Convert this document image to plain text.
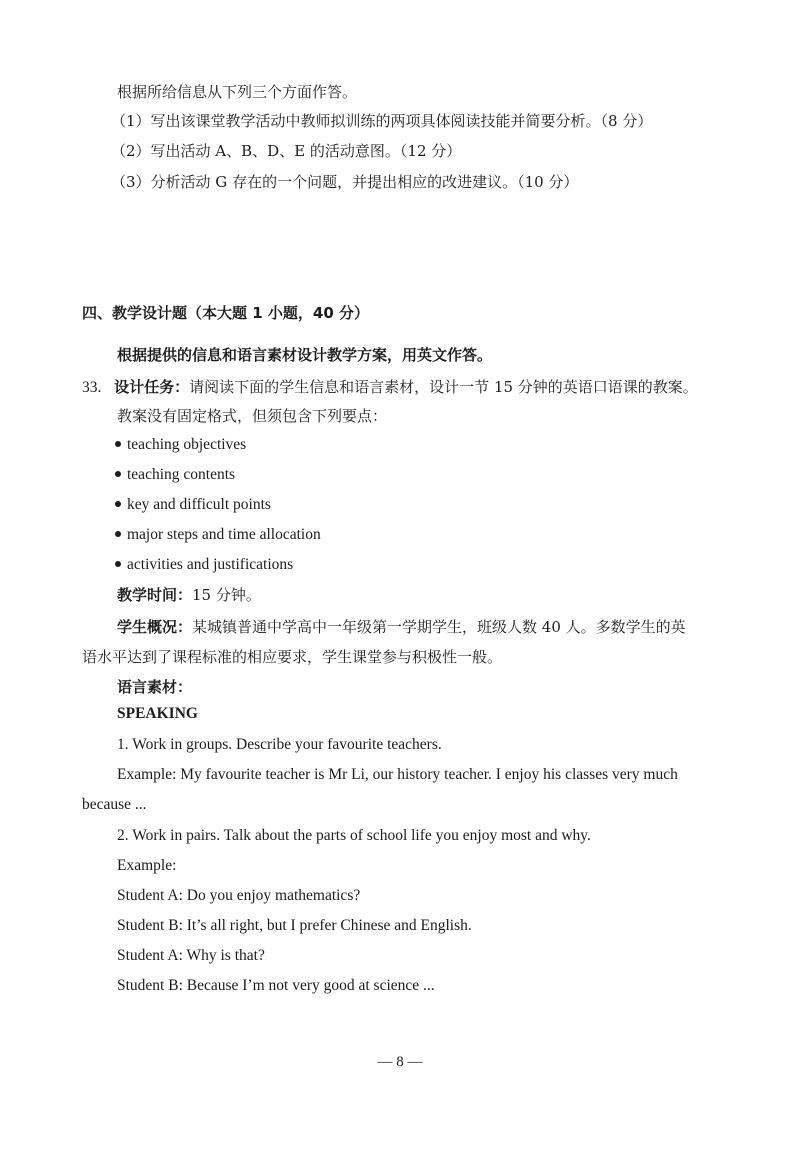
根据所给信息从下列三个方面作答。
（1）写出该课堂教学活动中教师拟训练的两项具体阅读技能并简要分析。（8 分）
（2）写出活动 A、B、D、E 的活动意图。（12 分）
（3）分析活动 G 存在的一个问题，并提出相应的改进建议。（10 分）
四、教学设计题（本大题 1 小题，40 分）
根据提供的信息和语言素材设计教学方案，用英文作答。
33. 设计任务：请阅读下面的学生信息和语言素材，设计一节 15 分钟的英语口语课的教案。
教案没有固定格式，但须包含下列要点：
teaching objectives
teaching contents
key and difficult points
major steps and time allocation
activities and justifications
教学时间：15 分钟。
学生概况：某城镇普通中学高中一年级第一学期学生，班级人数 40 人。多数学生的英
语水平达到了课程标准的相应要求，学生课堂参与积极性一般。
语言素材：
SPEAKING
1. Work in groups. Describe your favourite teachers.
Example: My favourite teacher is Mr Li, our history teacher. I enjoy his classes very much
because ...
2. Work in pairs. Talk about the parts of school life you enjoy most and why.
Example:
Student A: Do you enjoy mathematics?
Student B: It’s all right, but I prefer Chinese and English.
Student A: Why is that?
Student B: Because I’m not very good at science ...
— 8 —
